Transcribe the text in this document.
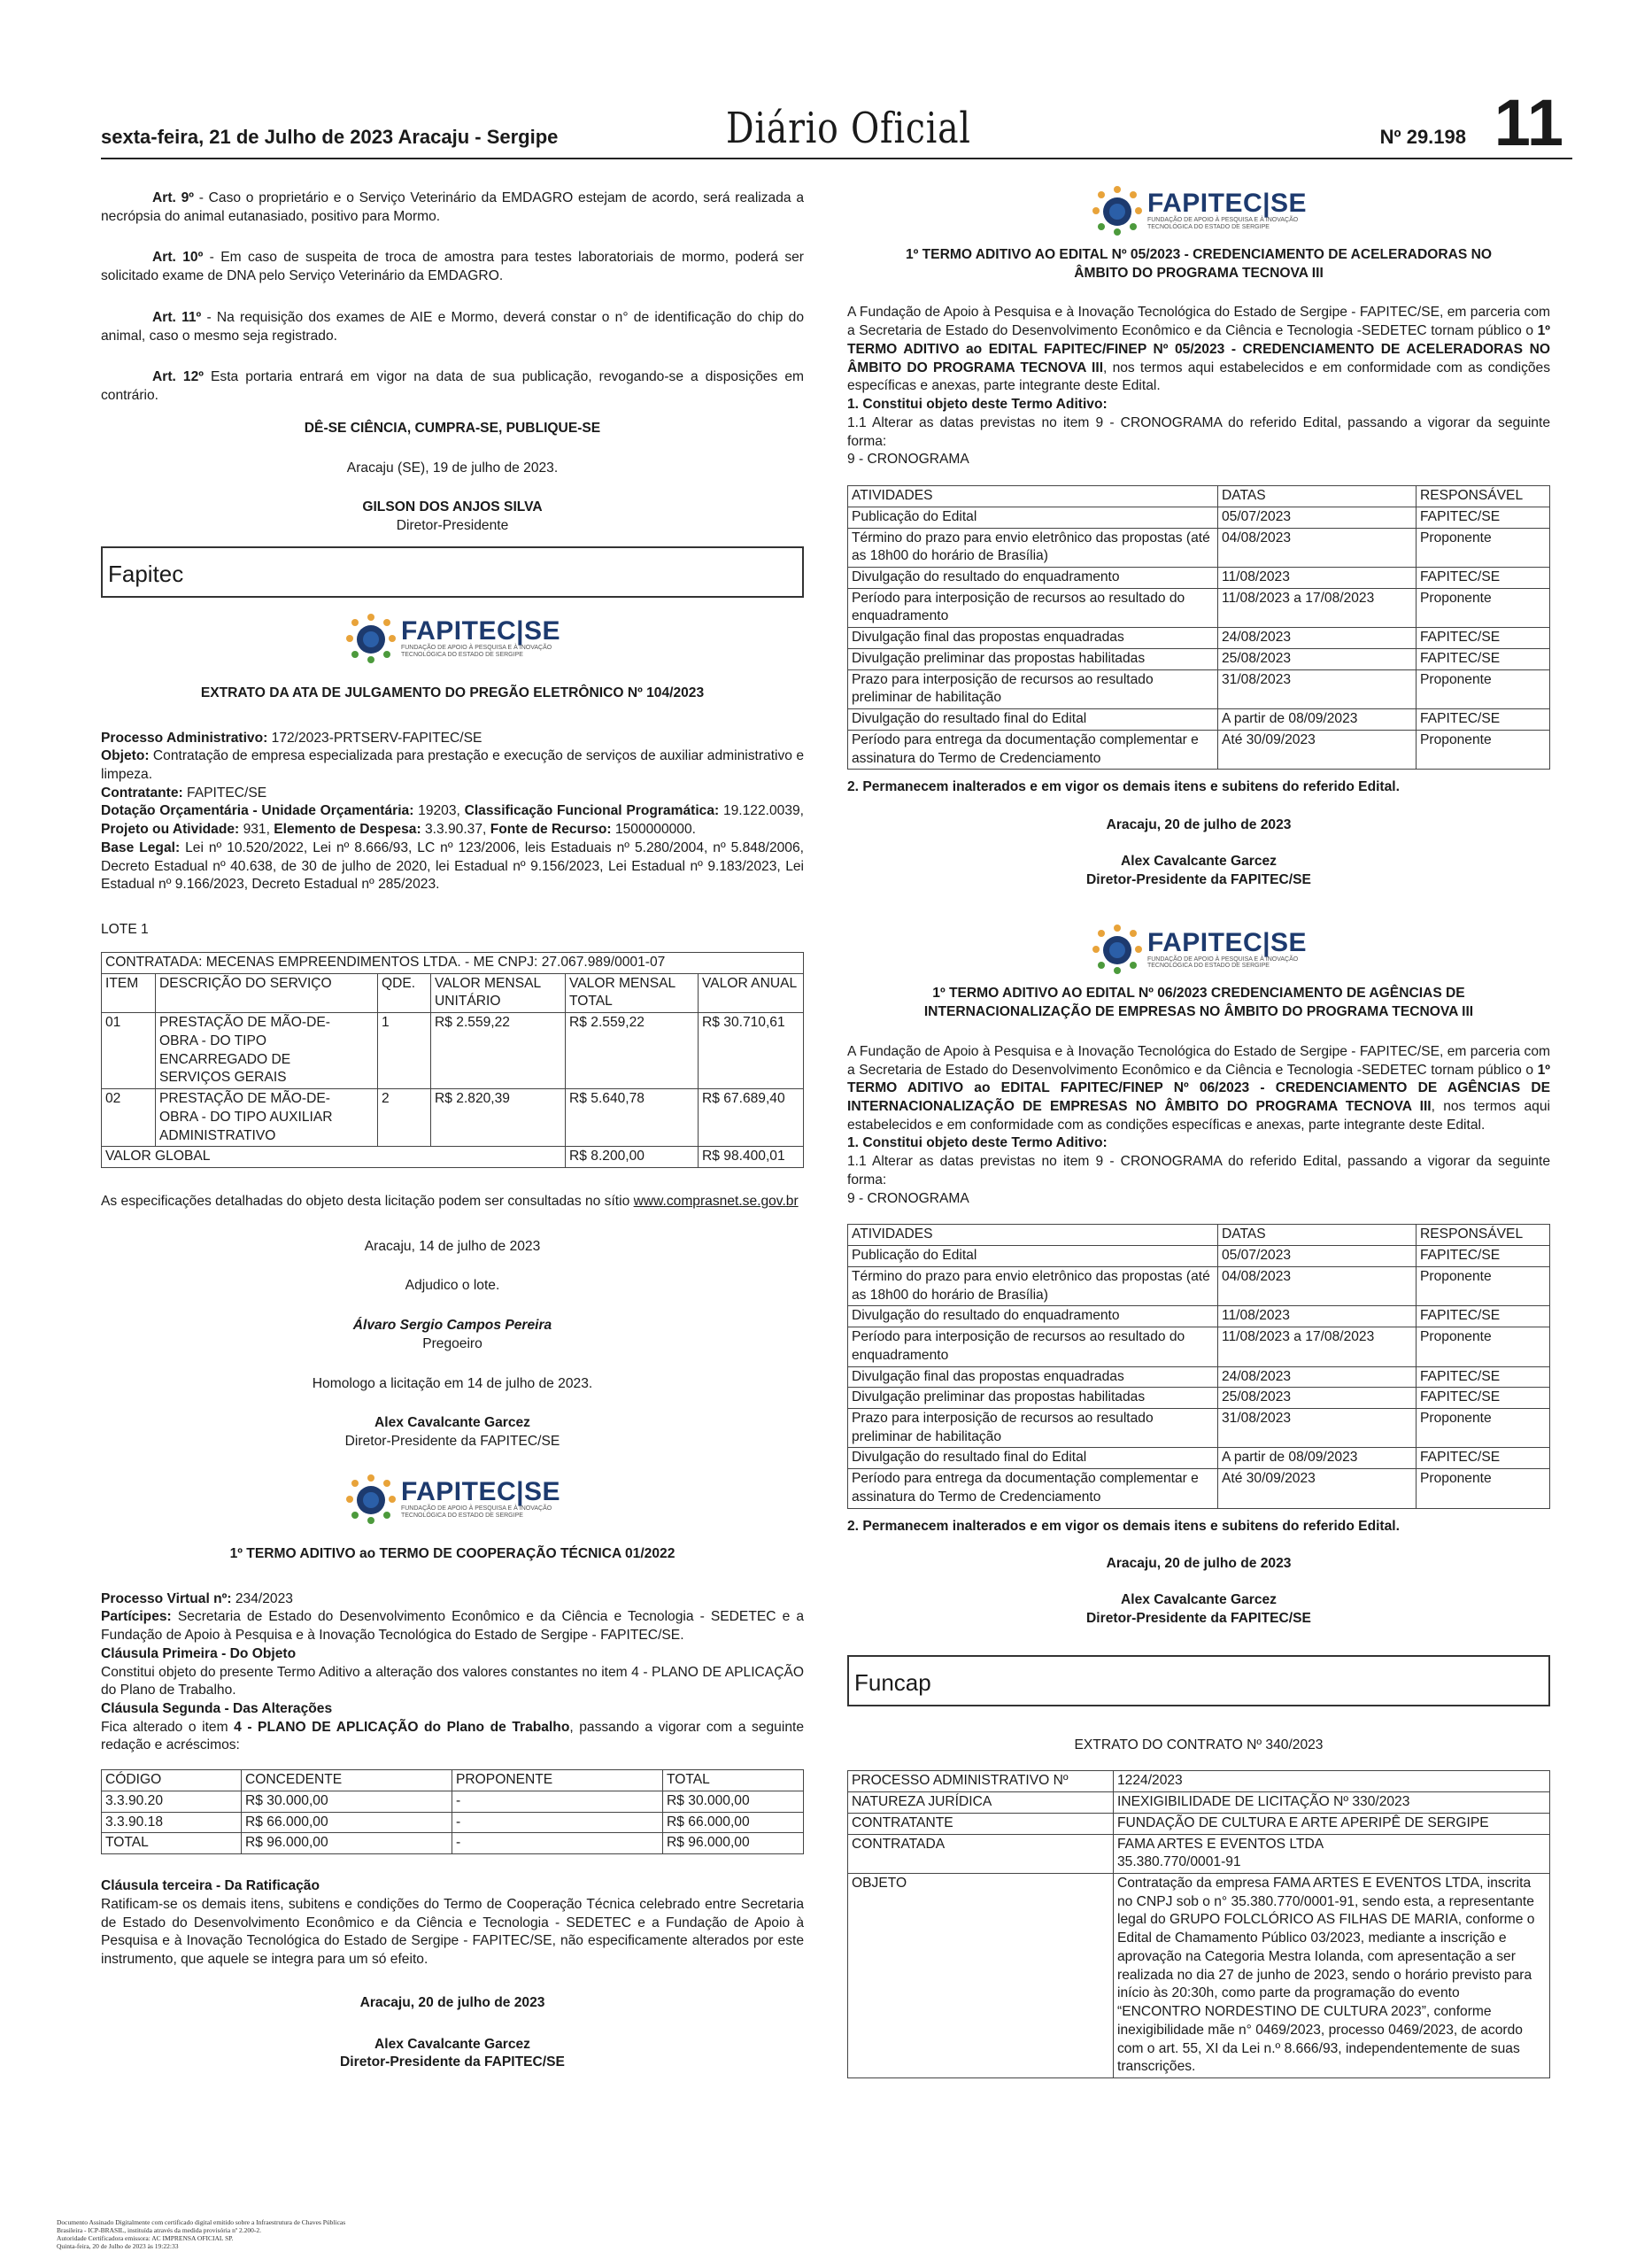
sexta-feira, 21 de Julho de 2023 Aracaju - Sergipe	Diário Oficial	Nº 29.198 11

Art. 9º - Caso o proprietário e o Serviço Veterinário da EMDAGRO estejam de acordo, será realizada a necrópsia do animal eutanasiado, positivo para Mormo.

Art. 10º - Em caso de suspeita de troca de amostra para testes laboratoriais de mormo, poderá ser solicitado exame de DNA pelo Serviço Veterinário da EMDAGRO.

Art. 11º - Na requisição dos exames de AIE e Mormo, deverá constar o n° de identificação do chip do animal, caso o mesmo seja registrado.

Art. 12º Esta portaria entrará em vigor na data de sua publicação, revogando-se a disposições em contrário.

DÊ-SE CIÊNCIA, CUMPRA-SE, PUBLIQUE-SE
Aracaju (SE), 19 de julho de 2023.
GILSON DOS ANJOS SILVA
Diretor-Presidente
Fapitec
FAPITEC|SE
FUNDAÇÃO DE APOIO À PESQUISA E À INOVAÇÃO
TECNOLÓGICA DO ESTADO DE SERGIPE
EXTRATO DA ATA DE JULGAMENTO DO PREGÃO ELETRÔNICO Nº 104/2023

Processo Administrativo: 172/2023-PRTSERV-FAPITEC/SE

Objeto: Contratação de empresa especializada para prestação e execução de serviços de auxiliar administrativo e limpeza.

Contratante: FAPITEC/SE

Dotação Orçamentária - Unidade Orçamentária: 19203, Classificação Funcional Programática: 19.122.0039, Projeto ou Atividade: 931, Elemento de Despesa: 3.3.90.37, Fonte de Recurso: 1500000000.

Base Legal: Lei nº 10.520/2022, Lei nº 8.666/93, LC nº 123/2006, leis Estaduais nº 5.280/2004, nº 5.848/2006, Decreto Estadual nº 40.638, de 30 de julho de 2020, lei Estadual nº 9.156/2023, Lei Estadual nº 9.183/2023, Lei Estadual nº 9.166/2023, Decreto Estadual nº 285/2023.

LOTE 1
CONTRATADA: MECENAS EMPREENDIMENTOS LTDA. - ME CNPJ: 27.067.989/0001-07					
ITEM	DESCRIÇÃO DO SERVIÇO	QDE.	VALOR MENSAL UNITÁRIO	VALOR MENSAL TOTAL	VALOR ANUAL
01	PRESTAÇÃO DE MÃO-DE-OBRA - DO TIPO ENCARREGADO DE SERVIÇOS GERAIS	1	R$ 2.559,22	R$ 2.559,22	R$ 30.710,61
02	PRESTAÇÃO DE MÃO-DE-OBRA - DO TIPO AUXILIAR ADMINISTRATIVO	2	R$ 2.820,39	R$ 5.640,78	R$ 67.689,40
VALOR GLOBAL				R$ 8.200,00	R$ 98.400,01

As especificações detalhadas do objeto desta licitação podem ser consultadas no sítio www.comprasnet.se.gov.br

Aracaju, 14 de julho de 2023
Adjudico o lote.
Álvaro Sergio Campos Pereira
Pregoeiro
Homologo a licitação em 14 de julho de 2023.
Alex Cavalcante Garcez
Diretor-Presidente da FAPITEC/SE
FAPITEC|SE
FUNDAÇÃO DE APOIO À PESQUISA E À INOVAÇÃO
TECNOLÓGICA DO ESTADO DE SERGIPE
1º TERMO ADITIVO ao TERMO DE COOPERAÇÃO TÉCNICA 01/2022

Processo Virtual nº: 234/2023

Partícipes: Secretaria de Estado do Desenvolvimento Econômico e da Ciência e Tecnologia - SEDETEC e a Fundação de Apoio à Pesquisa e à Inovação Tecnológica do Estado de Sergipe - FAPITEC/SE.

Cláusula Primeira - Do Objeto

Constitui objeto do presente Termo Aditivo a alteração dos valores constantes no item 4 - PLANO DE APLICAÇÃO do Plano de Trabalho.

Cláusula Segunda - Das Alterações

Fica alterado o item 4 - PLANO DE APLICAÇÃO do Plano de Trabalho, passando a vigorar com a seguinte redação e acréscimos:

CÓDIGO	CONCEDENTE	PROPONENTE	TOTAL
3.3.90.20	R$ 30.000,00	-	R$ 30.000,00
3.3.90.18	R$ 66.000,00	-	R$ 66.000,00
TOTAL	R$ 96.000,00	-	R$ 96.000,00

Cláusula terceira - Da Ratificação

Ratificam-se os demais itens, subitens e condições do Termo de Cooperação Técnica celebrado entre Secretaria de Estado do Desenvolvimento Econômico e da Ciência e Tecnologia - SEDETEC e a Fundação de Apoio à Pesquisa e à Inovação Tecnológica do Estado de Sergipe - FAPITEC/SE, não especificamente alterados por este instrumento, que aquele se integra para um só efeito.

Aracaju, 20 de julho de 2023
Alex Cavalcante Garcez
Diretor-Presidente da FAPITEC/SE
FAPITEC|SE
FUNDAÇÃO DE APOIO À PESQUISA E À INOVAÇÃO
TECNOLÓGICA DO ESTADO DE SERGIPE
1º TERMO ADITIVO AO EDITAL Nº 05/2023 - CREDENCIAMENTO DE ACELERADORAS NO ÂMBITO DO PROGRAMA TECNOVA III

A Fundação de Apoio à Pesquisa e à Inovação Tecnológica do Estado de Sergipe - FAPITEC/SE, em parceria com a Secretaria de Estado do Desenvolvimento Econômico e da Ciência e Tecnologia -SEDETEC tornam público o 1º TERMO ADITIVO ao EDITAL FAPITEC/FINEP Nº 05/2023 - CREDENCIAMENTO DE ACELERADORAS NO ÂMBITO DO PROGRAMA TECNOVA III, nos termos aqui estabelecidos e em conformidade com as condições específicas e anexas, parte integrante deste Edital.

1. Constitui objeto deste Termo Aditivo:

1.1 Alterar as datas previstas no item 9 - CRONOGRAMA do referido Edital, passando a vigorar da seguinte forma:

9 - CRONOGRAMA

ATIVIDADES	DATAS	RESPONSÁVEL
Publicação do Edital	05/07/2023	FAPITEC/SE
Término do prazo para envio eletrônico das propostas (até as 18h00 do horário de Brasília)	04/08/2023	Proponente
Divulgação do resultado do enquadramento	11/08/2023	FAPITEC/SE
Período para interposição de recursos ao resultado do enquadramento	11/08/2023 a 17/08/2023	Proponente
Divulgação final das propostas enquadradas	24/08/2023	FAPITEC/SE
Divulgação preliminar das propostas habilitadas	25/08/2023	FAPITEC/SE
Prazo para interposição de recursos ao resultado preliminar de habilitação	31/08/2023	Proponente
Divulgação do resultado final do Edital	A partir de 08/09/2023	FAPITEC/SE
Período para entrega da documentação complementar e assinatura do Termo de Credenciamento	Até 30/09/2023	Proponente

2. Permanecem inalterados e em vigor os demais itens e subitens do referido Edital.

Aracaju, 20 de julho de 2023
Alex Cavalcante Garcez
Diretor-Presidente da FAPITEC/SE
FAPITEC|SE
FUNDAÇÃO DE APOIO À PESQUISA E À INOVAÇÃO
TECNOLÓGICA DO ESTADO DE SERGIPE
1º TERMO ADITIVO AO EDITAL Nº 06/2023 CREDENCIAMENTO DE AGÊNCIAS DE INTERNACIONALIZAÇÃO DE EMPRESAS NO ÂMBITO DO PROGRAMA TECNOVA III

A Fundação de Apoio à Pesquisa e à Inovação Tecnológica do Estado de Sergipe - FAPITEC/SE, em parceria com a Secretaria de Estado do Desenvolvimento Econômico e da Ciência e Tecnologia -SEDETEC tornam público o 1º TERMO ADITIVO ao EDITAL FAPITEC/FINEP Nº 06/2023 - CREDENCIAMENTO DE AGÊNCIAS DE INTERNACIONALIZAÇÃO DE EMPRESAS NO ÂMBITO DO PROGRAMA TECNOVA III, nos termos aqui estabelecidos e em conformidade com as condições específicas e anexas, parte integrante deste Edital.

1. Constitui objeto deste Termo Aditivo:

1.1 Alterar as datas previstas no item 9 - CRONOGRAMA do referido Edital, passando a vigorar da seguinte forma:

9 - CRONOGRAMA

ATIVIDADES	DATAS	RESPONSÁVEL
Publicação do Edital	05/07/2023	FAPITEC/SE
Término do prazo para envio eletrônico das propostas (até as 18h00 do horário de Brasília)	04/08/2023	Proponente
Divulgação do resultado do enquadramento	11/08/2023	FAPITEC/SE
Período para interposição de recursos ao resultado do enquadramento	11/08/2023 a 17/08/2023	Proponente
Divulgação final das propostas enquadradas	24/08/2023	FAPITEC/SE
Divulgação preliminar das propostas habilitadas	25/08/2023	FAPITEC/SE
Prazo para interposição de recursos ao resultado preliminar de habilitação	31/08/2023	Proponente
Divulgação do resultado final do Edital	A partir de 08/09/2023	FAPITEC/SE
Período para entrega da documentação complementar e assinatura do Termo de Credenciamento	Até 30/09/2023	Proponente

2. Permanecem inalterados e em vigor os demais itens e subitens do referido Edital.

Aracaju, 20 de julho de 2023
Alex Cavalcante Garcez
Diretor-Presidente da FAPITEC/SE
Funcap
EXTRATO DO CONTRATO Nº 340/2023
PROCESSO ADMINISTRATIVO Nº	1224/2023
NATUREZA JURÍDICA	INEXIGIBILIDADE DE LICITAÇÃO Nº 330/2023
CONTRATANTE	FUNDAÇÃO DE CULTURA E ARTE APERIPÊ DE SERGIPE
CONTRATADA	FAMA ARTES E EVENTOS LTDA 35.380.770/0001-91
OBJETO	Contratação da empresa FAMA ARTES E EVENTOS LTDA, inscrita no CNPJ sob o n° 35.380.770/0001-91, sendo esta, a representante legal do GRUPO FOLCLÓRICO AS FILHAS DE MARIA, conforme o Edital de Chamamento Público 03/2023, mediante a inscrição e aprovação na Categoria Mestra Iolanda, com apresentação a ser realizada no dia 27 de junho de 2023, sendo o horário previsto para início às 20:30h, como parte da programação do evento “ENCONTRO NORDESTINO DE CULTURA 2023”, conforme inexigibilidade mãe n° 0469/2023, processo 0469/2023, de acordo com o art. 55, XI da Lei n.º 8.666/93, independentemente de suas transcrições.
Documento Assinado Digitalmente com certificado digital emitido sobre a Infraestrutura de Chaves Públicas
Brasileira - ICP-BRASIL, instituída através da medida provisória nº 2.200-2.
Autoridade Certificadora emissora: AC IMPRENSA OFICIAL SP.
Quinta-feira, 20 de Julho de 2023 às 19:22:33
